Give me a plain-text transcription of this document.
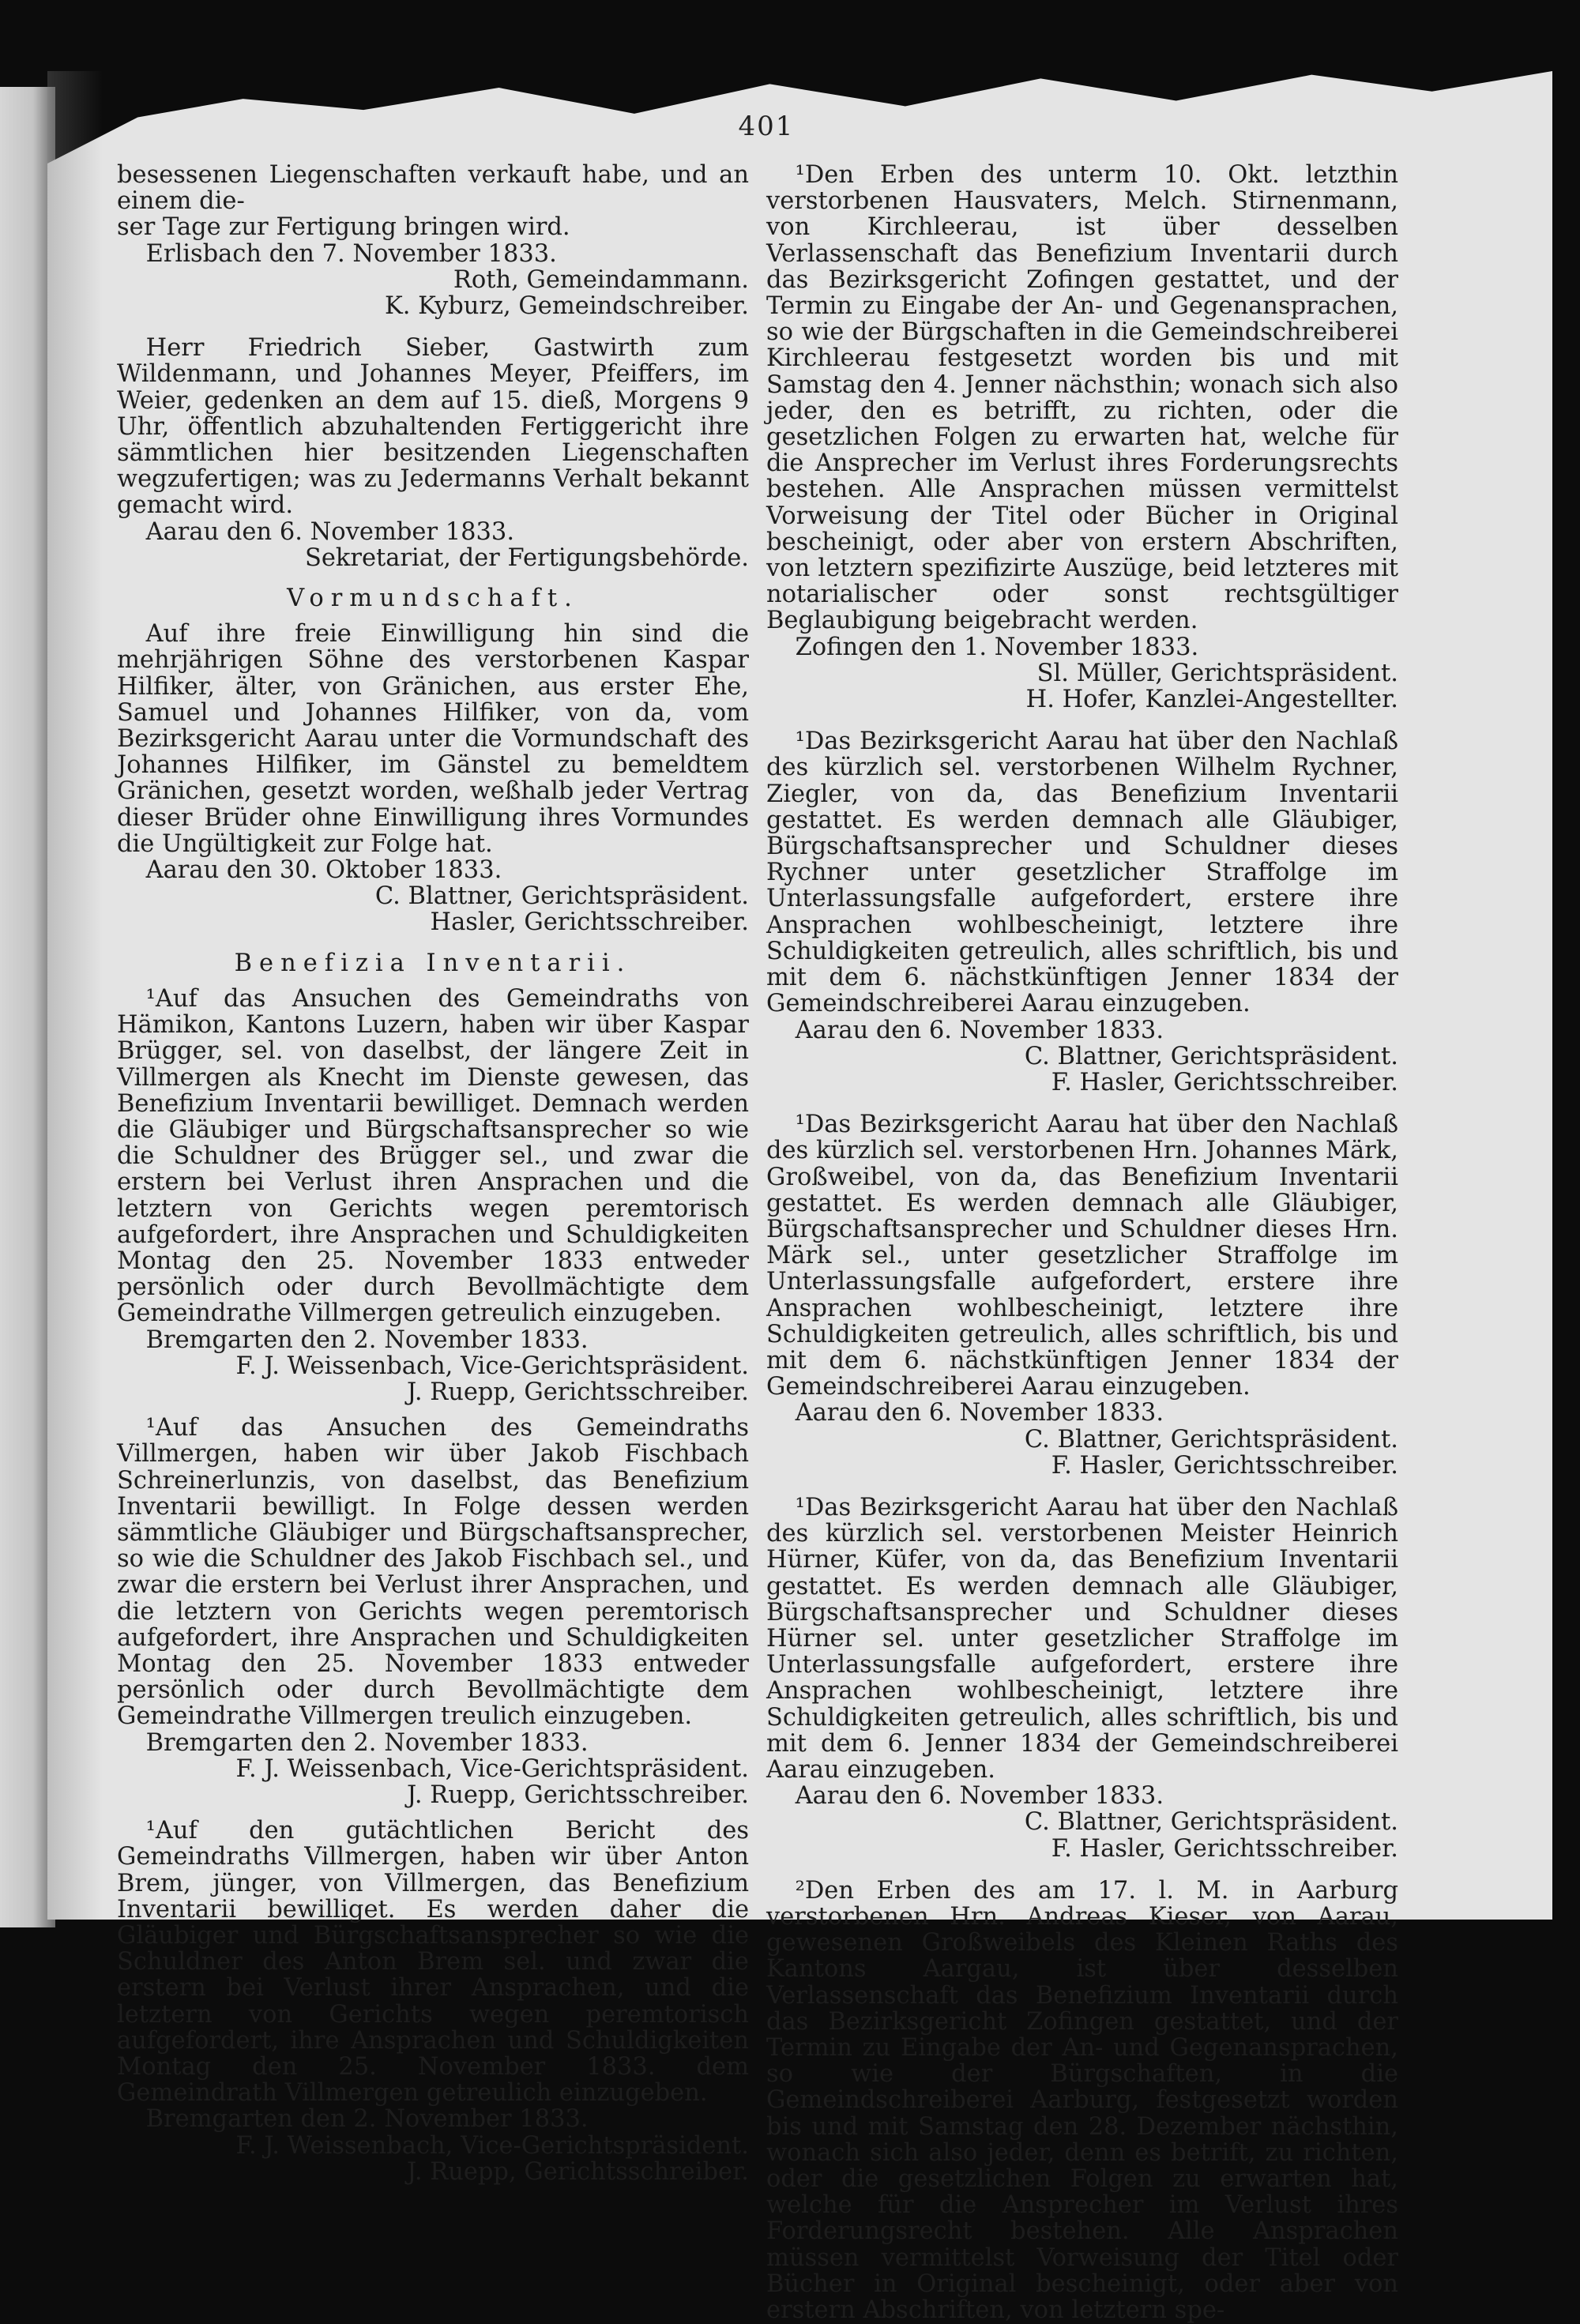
401

besessenen Liegenschaften verkauft habe, und an einem die-

ser Tage zur Fertigung bringen wird.

Erlisbach den 7. November 1833.

Roth, Gemeindammann.

K. Kyburz, Gemeindschreiber.

Herr Friedrich Sieber, Gastwirth zum Wildenmann, und Johannes Meyer, Pfeiffers, im Weier, gedenken an dem auf 15. dieß, Morgens 9 Uhr, öffentlich abzuhaltenden Fertiggericht ihre sämmtlichen hier besitzenden Liegenschaften wegzufertigen; was zu Jedermanns Verhalt bekannt gemacht wird.

Aarau den 6. November 1833.

Sekretariat, der Fertigungsbehörde.

Vormundschaft.

Auf ihre freie Einwilligung hin sind die mehrjährigen Söhne des verstorbenen Kaspar Hilfiker, älter, von Gränichen, aus erster Ehe, Samuel und Johannes Hilfiker, von da, vom Bezirksgericht Aarau unter die Vormundschaft des Johannes Hilfiker, im Gänstel zu bemeldtem Gränichen, gesetzt worden, weßhalb jeder Vertrag dieser Brüder ohne Einwilligung ihres Vormundes die Ungültigkeit zur Folge hat.

Aarau den 30. Oktober 1833.

C. Blattner, Gerichtspräsident.

Hasler, Gerichtsschreiber.

Benefizia Inventarii.

¹Auf das Ansuchen des Gemeindraths von Hämikon, Kantons Luzern, haben wir über Kaspar Brügger, sel. von daselbst, der längere Zeit in Villmergen als Knecht im Dienste gewesen, das Benefizium Inventarii bewilliget. Demnach werden die Gläubiger und Bürgschaftsansprecher so wie die Schuldner des Brügger sel., und zwar die erstern bei Verlust ihren Ansprachen und die letztern von Gerichts wegen peremtorisch aufgefordert, ihre Ansprachen und Schuldigkeiten Montag den 25. November 1833 entweder persönlich oder durch Bevollmächtigte dem Gemeindrathe Villmergen getreulich einzugeben.

Bremgarten den 2. November 1833.

F. J. Weissenbach, Vice-Gerichtspräsident.

J. Ruepp, Gerichtsschreiber.

¹Auf das Ansuchen des Gemeindraths Villmergen, haben wir über Jakob Fischbach Schreinerlunzis, von daselbst, das Benefizium Inventarii bewilligt. In Folge dessen werden sämmtliche Gläubiger und Bürgschaftsansprecher, so wie die Schuldner des Jakob Fischbach sel., und zwar die erstern bei Verlust ihrer Ansprachen, und die letztern von Gerichts wegen peremtorisch aufgefordert, ihre Ansprachen und Schuldigkeiten Montag den 25. November 1833 entweder persönlich oder durch Bevollmächtigte dem Gemeindrathe Villmergen treulich einzugeben.

Bremgarten den 2. November 1833.

F. J. Weissenbach, Vice-Gerichtspräsident.

J. Ruepp, Gerichtsschreiber.

¹Auf den gutächtlichen Bericht des Gemeindraths Villmergen, haben wir über Anton Brem, jünger, von Villmergen, das Benefizium Inventarii bewilliget. Es werden daher die Gläubiger und Bürgschaftsansprecher so wie die Schuldner des Anton Brem sel. und zwar die erstern bei Verlust ihrer Ansprachen, und die letztern von Gerichts wegen peremtorisch aufgefordert, ihre Ansprachen und Schuldigkeiten Montag den 25. November 1833. dem Gemeindrath Villmergen getreulich einzugeben.

Bremgarten den 2. November 1833.

F. J. Weissenbach, Vice-Gerichtspräsident.

J. Ruepp, Gerichtsschreiber.

¹Den Erben des unterm 10. Okt. letzthin verstorbenen Hausvaters, Melch. Stirnenmann, von Kirchleerau, ist über desselben Verlassenschaft das Benefizium Inventarii durch das Bezirksgericht Zofingen gestattet, und der Termin zu Eingabe der An- und Gegenansprachen, so wie der Bürgschaften in die Gemeindschreiberei Kirchleerau festgesetzt worden bis und mit Samstag den 4. Jenner nächsthin; wonach sich also jeder, den es betrifft, zu richten, oder die gesetzlichen Folgen zu erwarten hat, welche für die Ansprecher im Verlust ihres Forderungsrechts bestehen. Alle Ansprachen müssen vermittelst Vorweisung der Titel oder Bücher in Original bescheinigt, oder aber von erstern Abschriften, von letztern spezifizirte Auszüge, beid letzteres mit notarialischer oder sonst rechtsgültiger Beglaubigung beigebracht werden.

Zofingen den 1. November 1833.

Sl. Müller, Gerichtspräsident.

H. Hofer, Kanzlei-Angestellter.

¹Das Bezirksgericht Aarau hat über den Nachlaß des kürzlich sel. verstorbenen Wilhelm Rychner, Ziegler, von da, das Benefizium Inventarii gestattet. Es werden demnach alle Gläubiger, Bürgschaftsansprecher und Schuldner dieses Rychner unter gesetzlicher Straffolge im Unterlassungsfalle aufgefordert, erstere ihre Ansprachen wohlbescheinigt, letztere ihre Schuldigkeiten getreulich, alles schriftlich, bis und mit dem 6. nächstkünftigen Jenner 1834 der Gemeindschreiberei Aarau einzugeben.

Aarau den 6. November 1833.

C. Blattner, Gerichtspräsident.

F. Hasler, Gerichtsschreiber.

¹Das Bezirksgericht Aarau hat über den Nachlaß des kürzlich sel. verstorbenen Hrn. Johannes Märk, Großweibel, von da, das Benefizium Inventarii gestattet. Es werden demnach alle Gläubiger, Bürgschaftsansprecher und Schuldner dieses Hrn. Märk sel., unter gesetzlicher Straffolge im Unterlassungsfalle aufgefordert, erstere ihre Ansprachen wohlbescheinigt, letztere ihre Schuldigkeiten getreulich, alles schriftlich, bis und mit dem 6. nächstkünftigen Jenner 1834 der Gemeindschreiberei Aarau einzugeben.

Aarau den 6. November 1833.

C. Blattner, Gerichtspräsident.

F. Hasler, Gerichtsschreiber.

¹Das Bezirksgericht Aarau hat über den Nachlaß des kürzlich sel. verstorbenen Meister Heinrich Hürner, Küfer, von da, das Benefizium Inventarii gestattet. Es werden demnach alle Gläubiger, Bürgschaftsansprecher und Schuldner dieses Hürner sel. unter gesetzlicher Straffolge im Unterlassungsfalle aufgefordert, erstere ihre Ansprachen wohlbescheinigt, letztere ihre Schuldigkeiten getreulich, alles schriftlich, bis und mit dem 6. Jenner 1834 der Gemeindschreiberei Aarau einzugeben.

Aarau den 6. November 1833.

C. Blattner, Gerichtspräsident.

F. Hasler, Gerichtsschreiber.

²Den Erben des am 17. l. M. in Aarburg verstorbenen Hrn. Andreas Kieser, von Aarau, gewesenen Großweibels des Kleinen Raths des Kantons Aargau, ist über desselben Verlassenschaft das Benefizium Inventarii durch das Bezirksgericht Zofingen gestattet, und der Termin zu Eingabe der An- und Gegenansprachen, so wie der Bürgschaften, in die Gemeindschreiberei Aarburg, festgesetzt worden bis und mit Samstag den 28. Dezember nächsthin, wonach sich also jeder, denn es betrift, zu richten, oder die gesetzlichen Folgen zu erwarten hat, welche für die Ansprecher im Verlust ihres Forderungsrecht bestehen. Alle Ansprachen müssen vermittelst Vorweisung der Titel oder Bücher in Original bescheinigt, oder aber von erstern Abschriften, von letztern spe-
